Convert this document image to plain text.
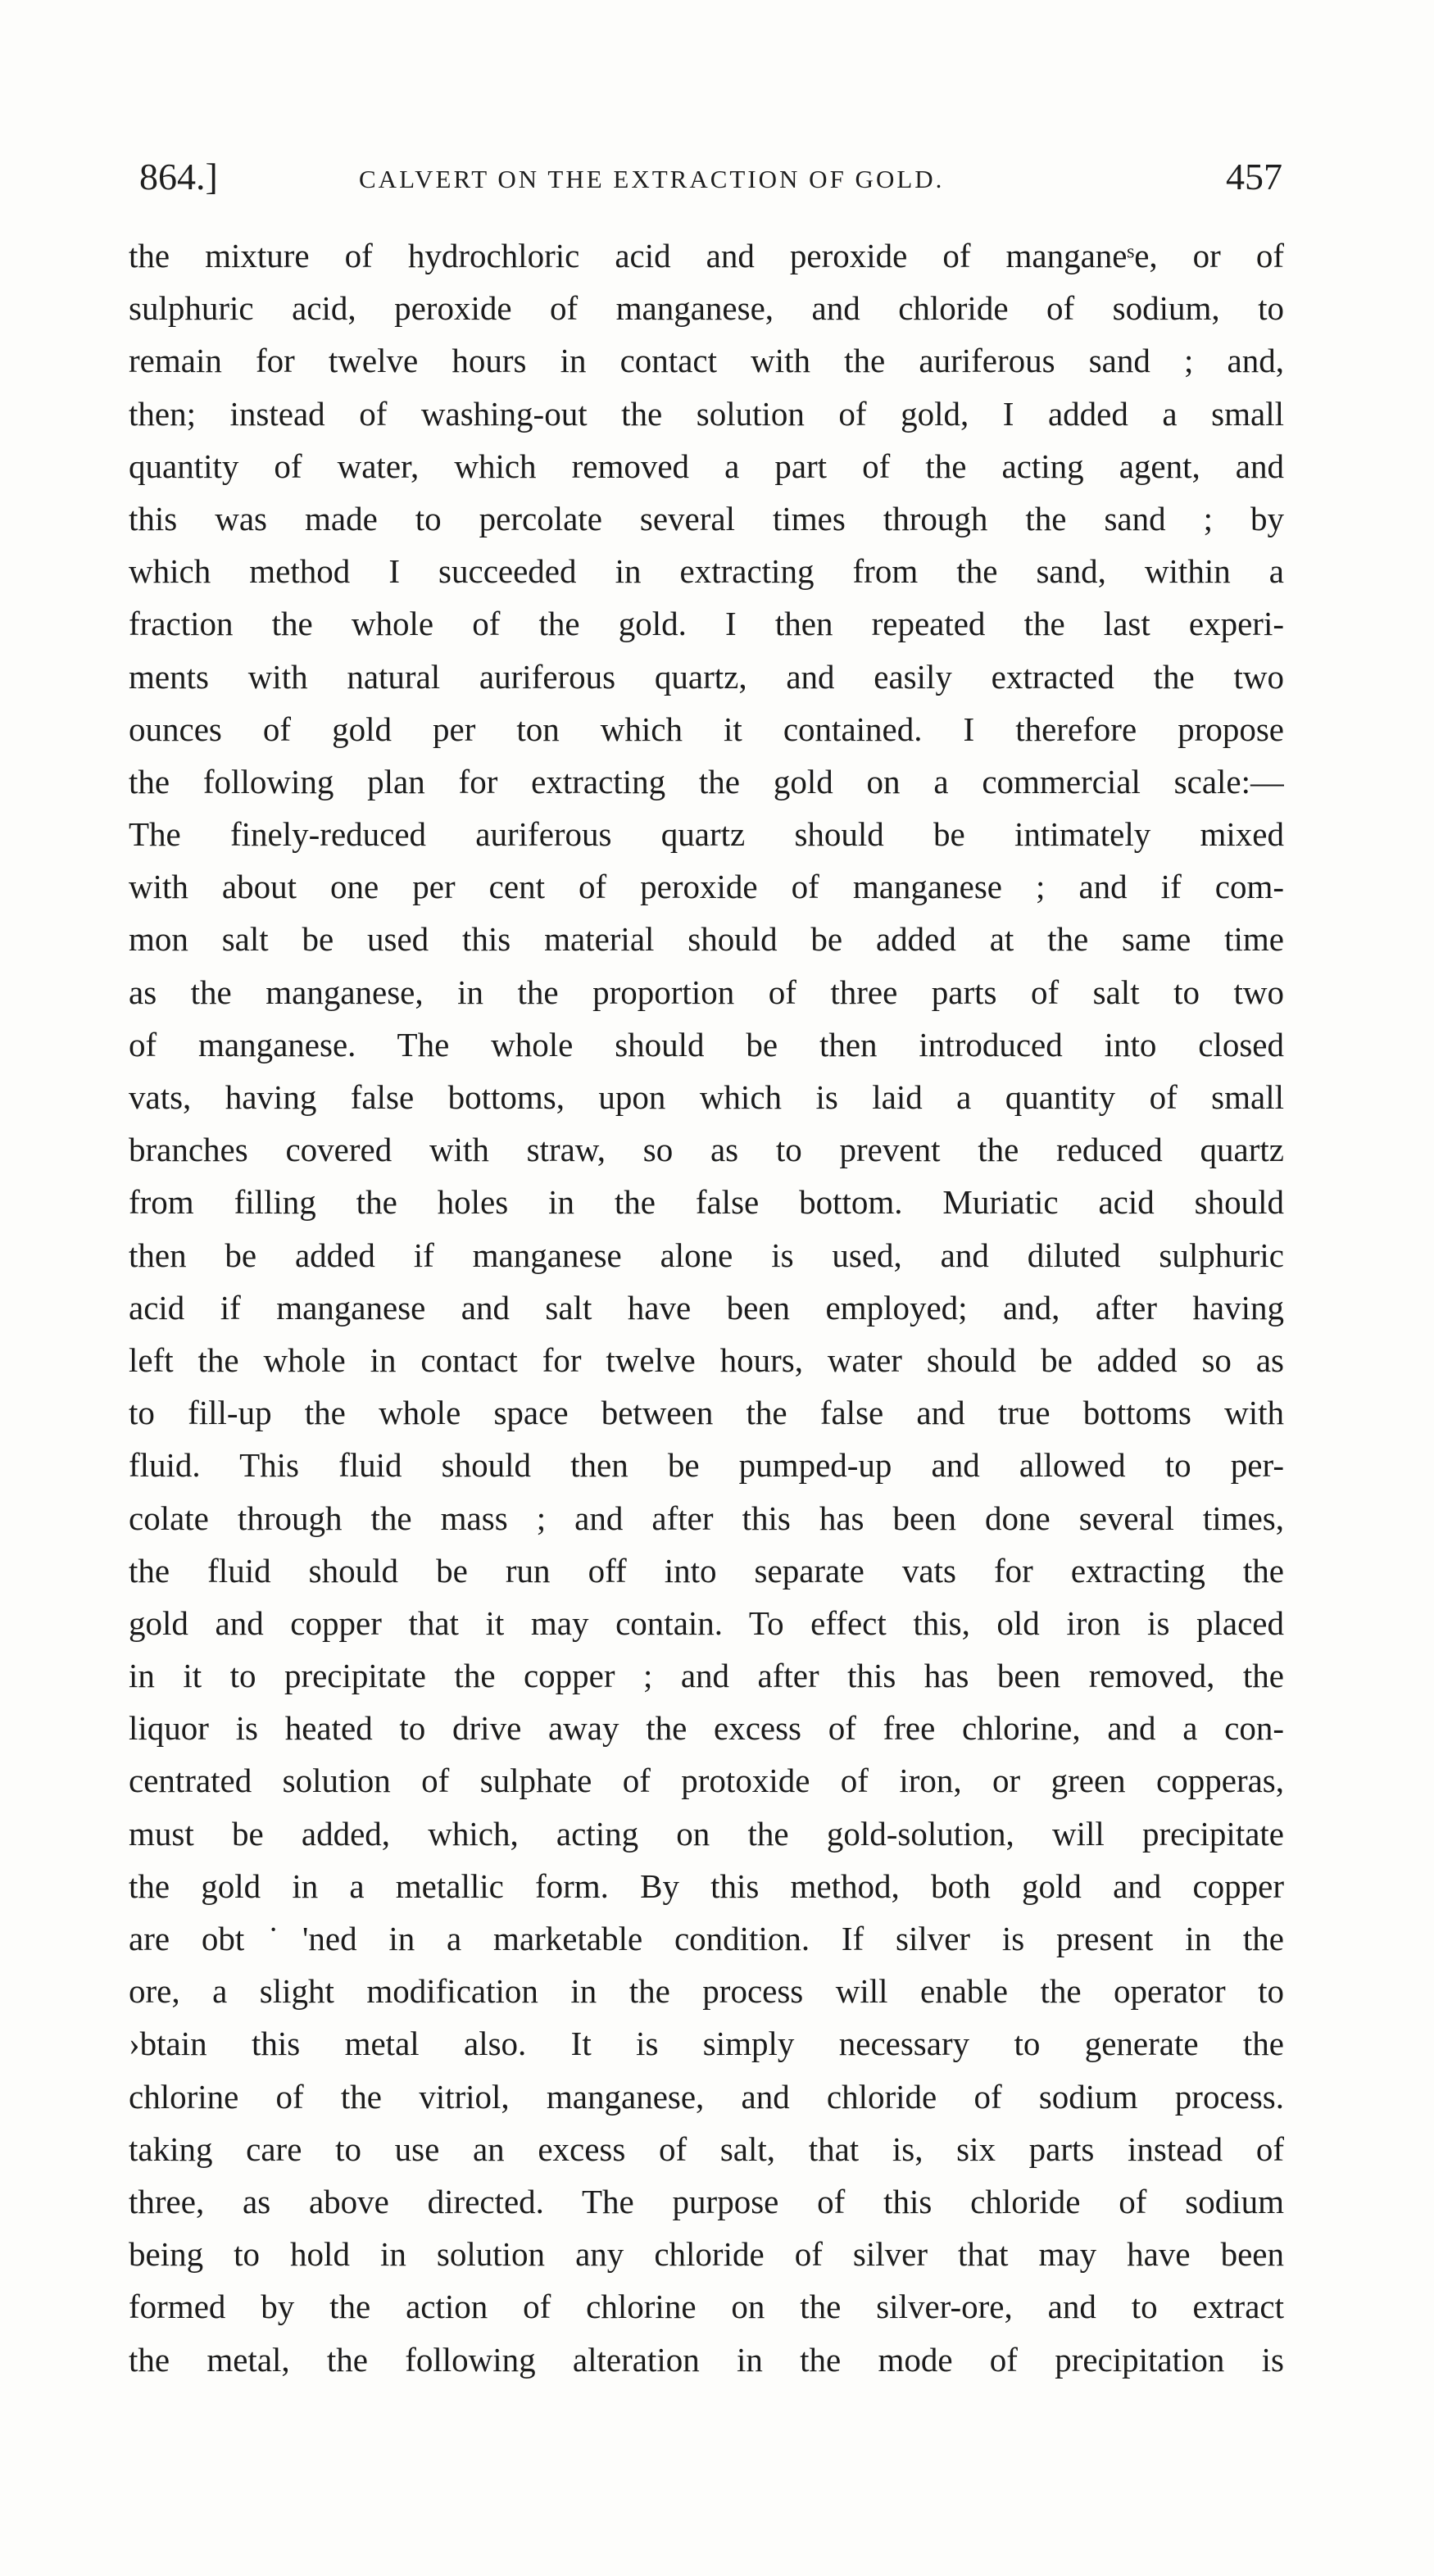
864.]	CALVERT ON THE EXTRACTION OF GOLD.	457
the mixture of hydrochloric acid and peroxide of manganeˢe, or of
sulphuric acid, peroxide of manganese, and chloride of sodium, to
remain for twelve hours in contact with the auriferous sand ; and,
then; instead of washing-out the solution of gold, I added a small
quantity of water, which removed a part of the acting agent, and
this was made to percolate several times through the sand ; by
which method I succeeded in extracting from the sand, within a
fraction the whole of the gold. I then repeated the last experi-
ments with natural auriferous quartz, and easily extracted the two
ounces of gold per ton which it contained. I therefore propose
the following plan for extracting the gold on a commercial scale:—
The finely-reduced auriferous quartz should be intimately mixed
with about one per cent of peroxide of manganese ; and if com-
mon salt be used this material should be added at the same time
as the manganese, in the proportion of three parts of salt to two
of manganese. The whole should be then introduced into closed
vats, having false bottoms, upon which is laid a quantity of small
branches covered with straw, so as to prevent the reduced quartz
from filling the holes in the false bottom. Muriatic acid should
then be added if manganese alone is used, and diluted sulphuric
acid if manganese and salt have been employed; and, after having
left the whole in contact for twelve hours, water should be added so as
to fill-up the whole space between the false and true bottoms with
fluid. This fluid should then be pumped-up and allowed to per-
colate through the mass ; and after this has been done several times,
the fluid should be run off into separate vats for extracting the
gold and copper that it may contain. To effect this, old iron is placed
in it to precipitate the copper ; and after this has been removed, the
liquor is heated to drive away the excess of free chlorine, and a con-
centrated solution of sulphate of protoxide of iron, or green copperas,
must be added, which, acting on the gold-solution, will precipitate
the gold in a metallic form. By this method, both gold and copper
are obt˙'ned in a marketable condition. If silver is present in the
ore, a slight modification in the process will enable the operator to
›btain this metal also. It is simply necessary to generate the
chlorine of the vitriol, manganese, and chloride of sodium process.
taking care to use an excess of salt, that is, six parts instead of
three, as above directed. The purpose of this chloride of sodium
being to hold in solution any chloride of silver that may have been
formed by the action of chlorine on the silver-ore, and to extract
the metal, the following alteration in the mode of precipitation is
